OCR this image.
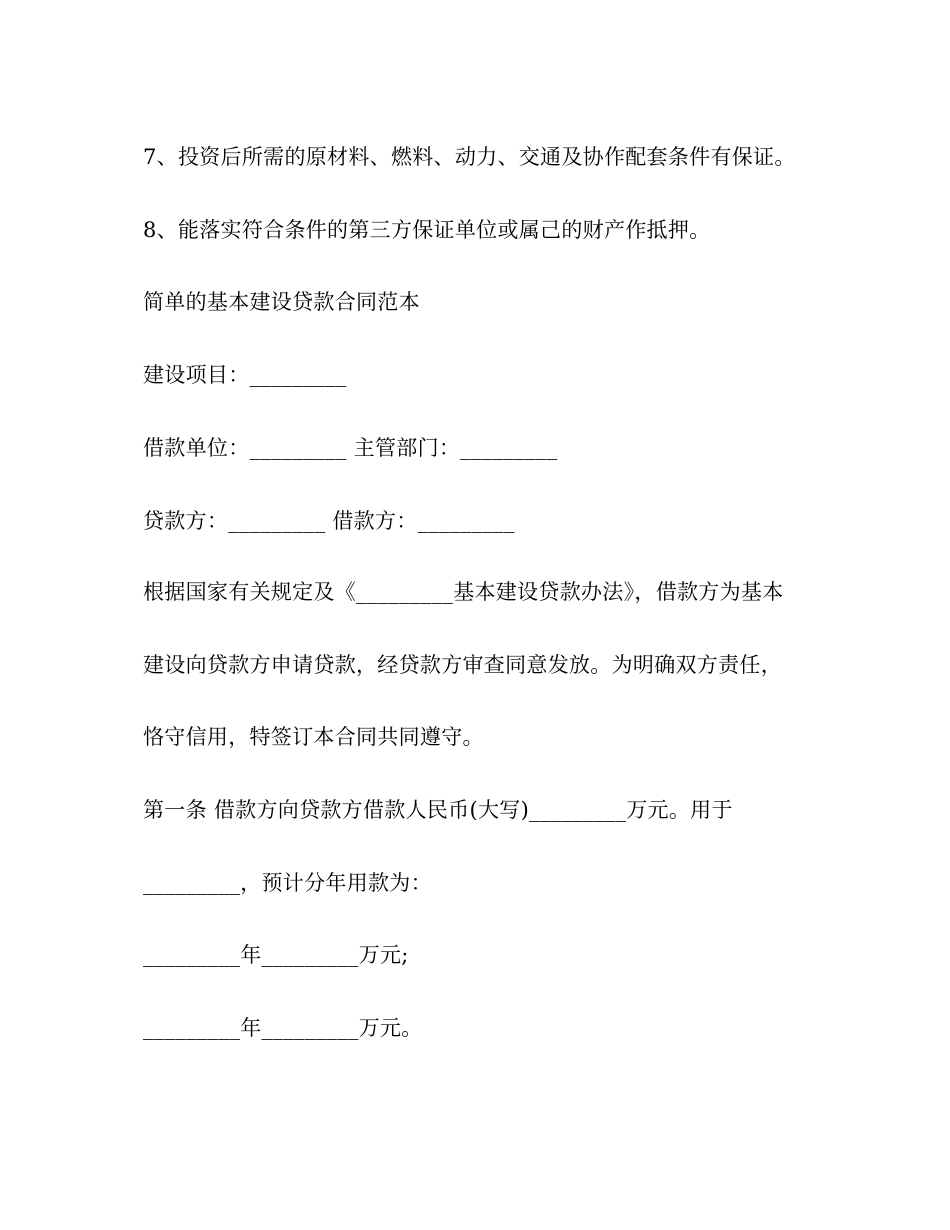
7、投资后所需的原材料、燃料、动力、交通及协作配套条件有保证。
8、能落实符合条件的第三方保证单位或属己的财产作抵押。
简单的基本建设贷款合同范本
建设项目：_________
借款单位：_________ 主管部门：_________
贷款方：_________ 借款方：_________
根据国家有关规定及《_________基本建设贷款办法》，借款方为基本
建设向贷款方申请贷款，经贷款方审查同意发放。为明确双方责任，
恪守信用，特签订本合同共同遵守。
第一条 借款方向贷款方借款人民币(大写)_________万元。用于
_________，预计分年用款为：
_________年_________万元;
_________年_________万元。
